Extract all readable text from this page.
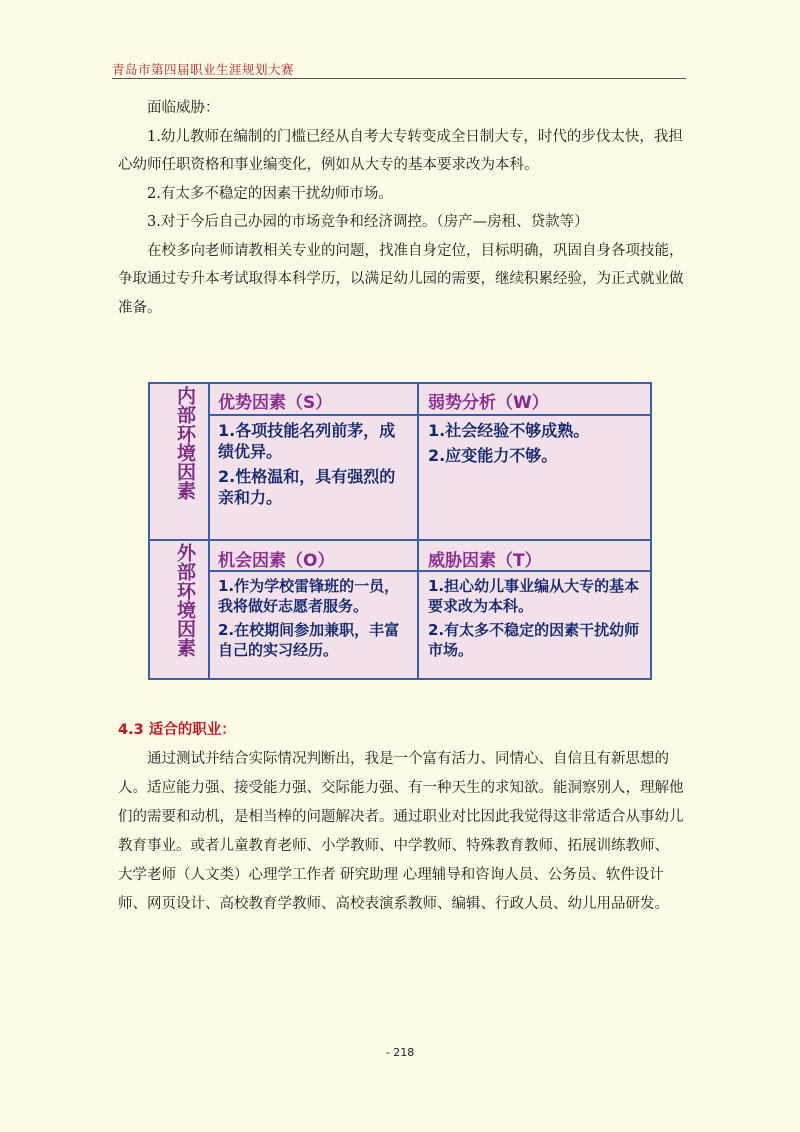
青岛市第四届职业生涯规划大赛

面临威胁：

1.幼儿教师在编制的门槛已经从自考大专转变成全日制大专，时代的步伐太快，我担心幼师任职资格和事业编变化，例如从大专的基本要求改为本科。

2.有太多不稳定的因素干扰幼师市场。

3.对于今后自己办园的市场竞争和经济调控。（房产—房租、贷款等）

在校多向老师请教相关专业的问题，找准自身定位，目标明确，巩固自身各项技能，争取通过专升本考试取得本科学历，以满足幼儿园的需要，继续积累经验，为正式就业做准备。

内部环境因素
外部环境因素
优势因素（S）	弱势分析（W）
机会因素（O）	威胁因素（T）

1.各项技能名列前茅，成绩优异。

2.性格温和，具有强烈的亲和力。

1.社会经验不够成熟。

2.应变能力不够。

1.作为学校雷锋班的一员，我将做好志愿者服务。

2.在校期间参加兼职，丰富自己的实习经历。

1.担心幼儿事业编从大专的基本要求改为本科。

2.有太多不稳定的因素干扰幼师市场。

4.3 适合的职业：

通过测试并结合实际情况判断出，我是一个富有活力、同情心、自信且有新思想的人。适应能力强、接受能力强、交际能力强、有一种天生的求知欲。能洞察别人，理解他们的需要和动机，是相当棒的问题解决者。通过职业对比因此我觉得这非常适合从事幼儿教育事业。或者儿童教育老师、小学教师、中学教师、特殊教育教师、拓展训练教师、 大学老师（人文类）心理学工作者 研究助理 心理辅导和咨询人员、公务员、软件设计师、网页设计、高校教育学教师、高校表演系教师、编辑、行政人员、幼儿用品研发。

- 218
